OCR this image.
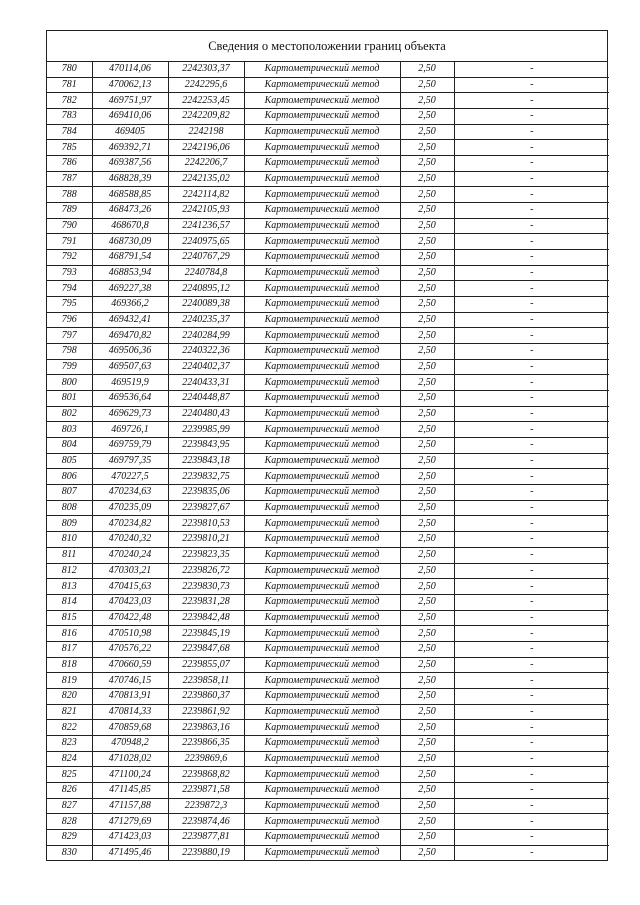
Сведения о местоположении границ объекта
780	470114,06	2242303,37	Картометрический метод	2,50	-
781	470062,13	2242295,6	Картометрический метод	2,50	-
782	469751,97	2242253,45	Картометрический метод	2,50	-
783	469410,06	2242209,82	Картометрический метод	2,50	-
784	469405	2242198	Картометрический метод	2,50	-
785	469392,71	2242196,06	Картометрический метод	2,50	-
786	469387,56	2242206,7	Картометрический метод	2,50	-
787	468828,39	2242135,02	Картометрический метод	2,50	-
788	468588,85	2242114,82	Картометрический метод	2,50	-
789	468473,26	2242105,93	Картометрический метод	2,50	-
790	468670,8	2241236,57	Картометрический метод	2,50	-
791	468730,09	2240975,65	Картометрический метод	2,50	-
792	468791,54	2240767,29	Картометрический метод	2,50	-
793	468853,94	2240784,8	Картометрический метод	2,50	-
794	469227,38	2240895,12	Картометрический метод	2,50	-
795	469366,2	2240089,38	Картометрический метод	2,50	-
796	469432,41	2240235,37	Картометрический метод	2,50	-
797	469470,82	2240284,99	Картометрический метод	2,50	-
798	469506,36	2240322,36	Картометрический метод	2,50	-
799	469507,63	2240402,37	Картометрический метод	2,50	-
800	469519,9	2240433,31	Картометрический метод	2,50	-
801	469536,64	2240448,87	Картометрический метод	2,50	-
802	469629,73	2240480,43	Картометрический метод	2,50	-
803	469726,1	2239985,99	Картометрический метод	2,50	-
804	469759,79	2239843,95	Картометрический метод	2,50	-
805	469797,35	2239843,18	Картометрический метод	2,50	-
806	470227,5	2239832,75	Картометрический метод	2,50	-
807	470234,63	2239835,06	Картометрический метод	2,50	-
808	470235,09	2239827,67	Картометрический метод	2,50	-
809	470234,82	2239810,53	Картометрический метод	2,50	-
810	470240,32	2239810,21	Картометрический метод	2,50	-
811	470240,24	2239823,35	Картометрический метод	2,50	-
812	470303,21	2239826,72	Картометрический метод	2,50	-
813	470415,63	2239830,73	Картометрический метод	2,50	-
814	470423,03	2239831,28	Картометрический метод	2,50	-
815	470422,48	2239842,48	Картометрический метод	2,50	-
816	470510,98	2239845,19	Картометрический метод	2,50	-
817	470576,22	2239847,68	Картометрический метод	2,50	-
818	470660,59	2239855,07	Картометрический метод	2,50	-
819	470746,15	2239858,11	Картометрический метод	2,50	-
820	470813,91	2239860,37	Картометрический метод	2,50	-
821	470814,33	2239861,92	Картометрический метод	2,50	-
822	470859,68	2239863,16	Картометрический метод	2,50	-
823	470948,2	2239866,35	Картометрический метод	2,50	-
824	471028,02	2239869,6	Картометрический метод	2,50	-
825	471100,24	2239868,82	Картометрический метод	2,50	-
826	471145,85	2239871,58	Картометрический метод	2,50	-
827	471157,88	2239872,3	Картометрический метод	2,50	-
828	471279,69	2239874,46	Картометрический метод	2,50	-
829	471423,03	2239877,81	Картометрический метод	2,50	-
830	471495,46	2239880,19	Картометрический метод	2,50	-
